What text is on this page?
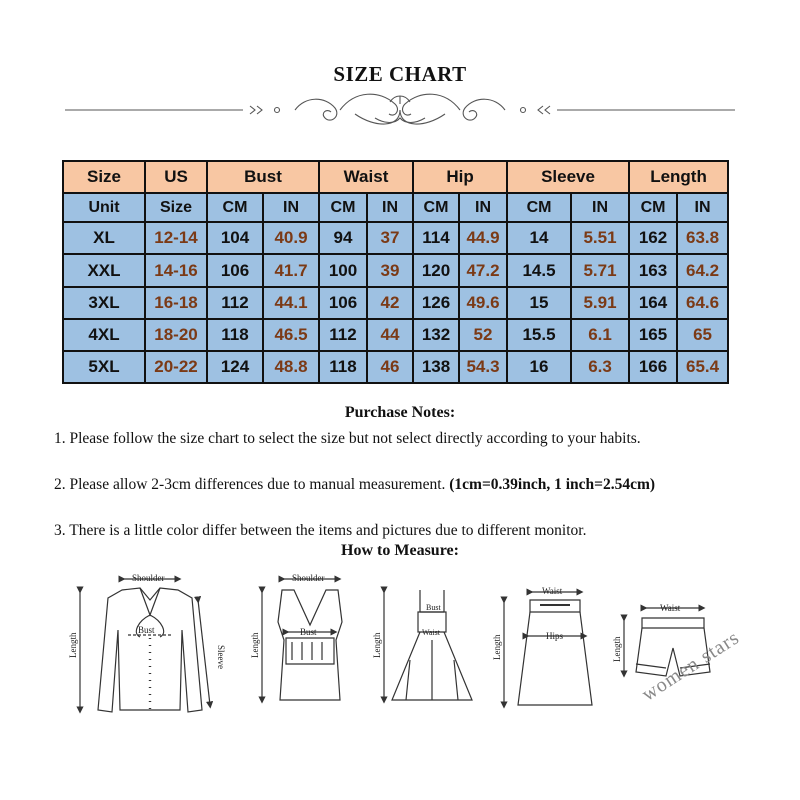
SIZE CHART
Size	US	Bust		Waist		Hip		Sleeve		Length	
Unit	Size	CM	IN	CM	IN	CM	IN	CM	IN	CM	IN
XL	12-14	104	40.9	94	37	114	44.9	14	5.51	162	63.8
XXL	14-16	106	41.7	100	39	120	47.2	14.5	5.71	163	64.2
3XL	16-18	112	44.1	106	42	126	49.6	15	5.91	164	64.6
4XL	18-20	118	46.5	112	44	132	52	15.5	6.1	165	65
5XL	20-22	124	48.8	118	46	138	54.3	16	6.3	166	65.4
Purchase Notes:
1. Please follow the size chart to select the size but not select directly according to your habits.
2. Please allow 2-3cm differences due to manual measurement. (1cm=0.39inch, 1 inch=2.54cm)
3. There is a little color differ between the items and pictures due to different monitor.
How to Measure:
Shoulder
Bust
Sleeve
Length
Shoulder
Bust
Length
Bust
Waist
Length
Waist
Hips
Length
Waist
Length women stars
